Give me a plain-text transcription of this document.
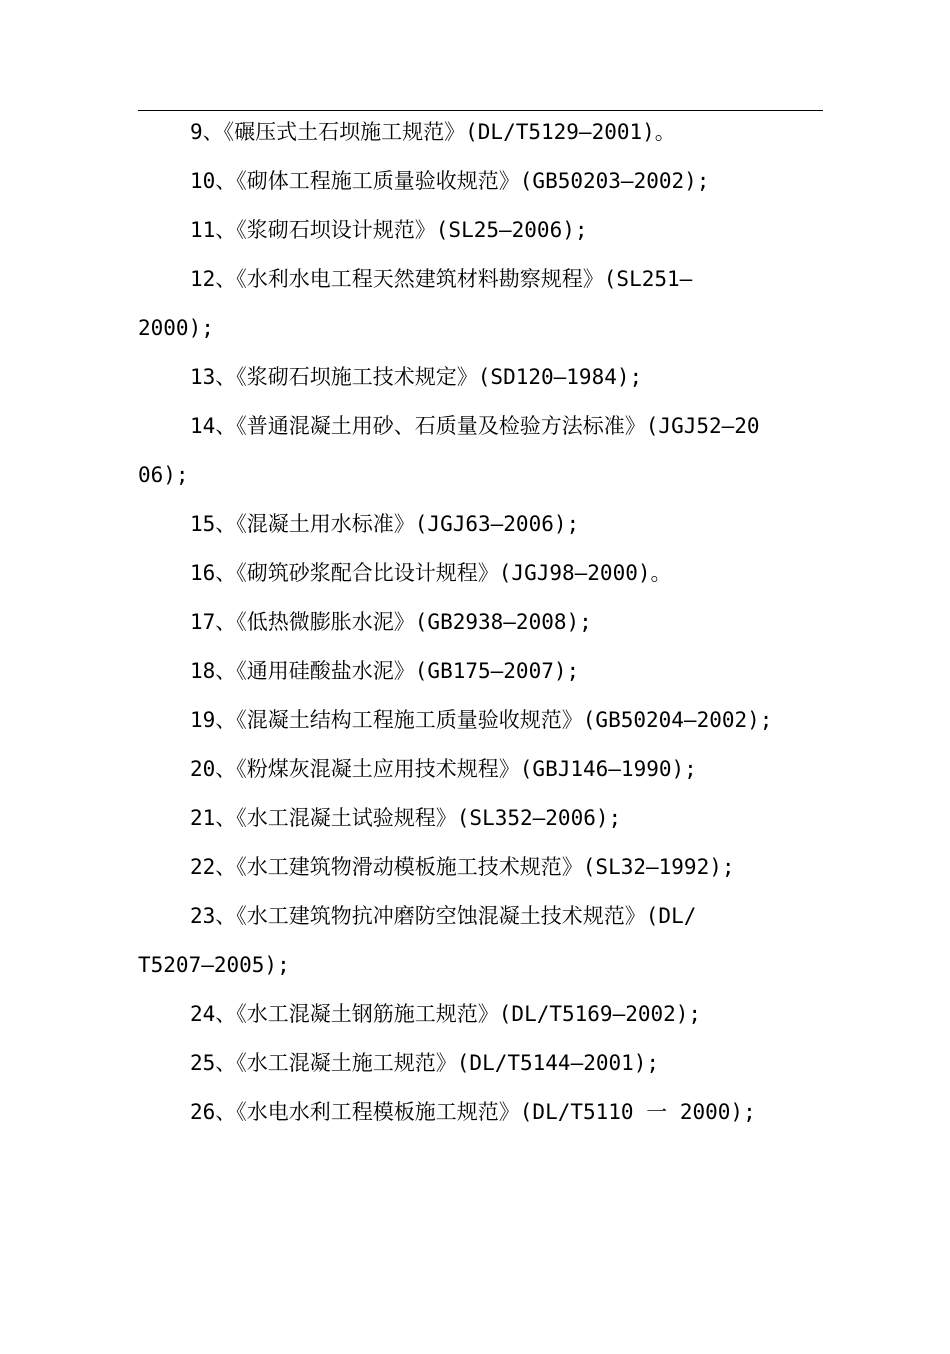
9、《碾压式土石坝施工规范》(DL/T5129—2001)。
10、《砌体工程施工质量验收规范》(GB50203—2002);
11、《浆砌石坝设计规范》(SL25—2006);
12、《水利水电工程天然建筑材料勘察规程》(SL251—
2000);
13、《浆砌石坝施工技术规定》(SD120—1984);
14、《普通混凝土用砂、石质量及检验方法标准》(JGJ52—20
06);
15、《混凝土用水标准》(JGJ63—2006);
16、《砌筑砂浆配合比设计规程》(JGJ98—2000)。
17、《低热微膨胀水泥》(GB2938—2008);
18、《通用硅酸盐水泥》(GB175—2007);
19、《混凝土结构工程施工质量验收规范》(GB50204—2002);
20、《粉煤灰混凝土应用技术规程》(GBJ146—1990);
21、《水工混凝土试验规程》(SL352—2006);
22、《水工建筑物滑动模板施工技术规范》(SL32—1992);
23、《水工建筑物抗冲磨防空蚀混凝土技术规范》(DL/
T5207—2005);
24、《水工混凝土钢筋施工规范》(DL/T5169—2002);
25、《水工混凝土施工规范》(DL/T5144—2001);
26、《水电水利工程模板施工规范》(DL/T5110 一 2000);
